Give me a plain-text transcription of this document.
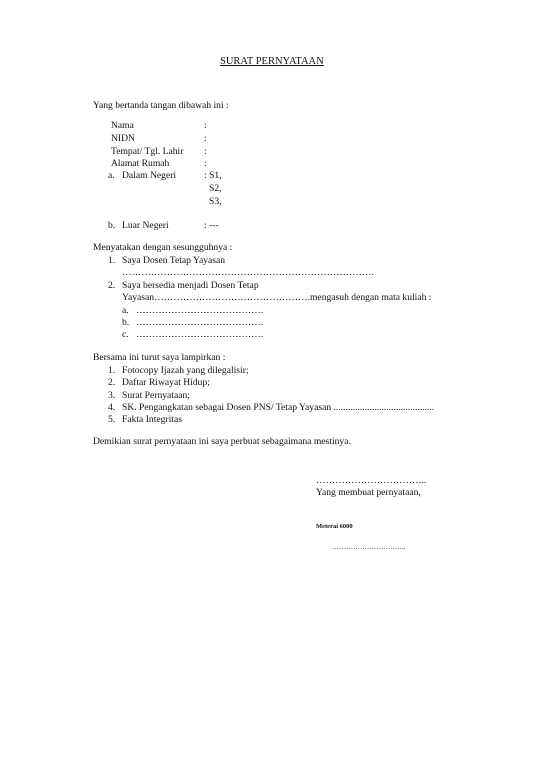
SURAT PERNYATAAN
Yang bertanda tangan dibawah ini :
Nama	:
NIDN	:
Tempat/ Tgl. Lahir :
Alamat Rumah	:
a. Dalam Negeri	: S1,
S2,
S3,
b. Luar Negeri	: ---
Menyatakan dengan sesungguhnya :
1. Saya Dosen Tetap Yayasan
…………………………………………………………………….
2. Saya bersedia menjadi Dosen Tetap
Yayasan………………………………………….mengasuh dengan mata kuliah :
a. ………………………………….
b. ………………………………….
c. ………………………………….
Bersama ini turut saya lampirkan :
1. Fotocopy Ijazah yang dilegalisir;
2. Daftar Riwayat Hidup;
3. Surat Pernyataan;
4. SK. Pengangkatan sebagai Dosen PNS/ Tetap Yayasan ..........................................
5. Fakta Integritas
Demikian surat pernyataan ini saya perbuat sebagaimana mestinya.
……………………………..
Yang membuat pernyataan,
Meterai 6000
…………………………..
